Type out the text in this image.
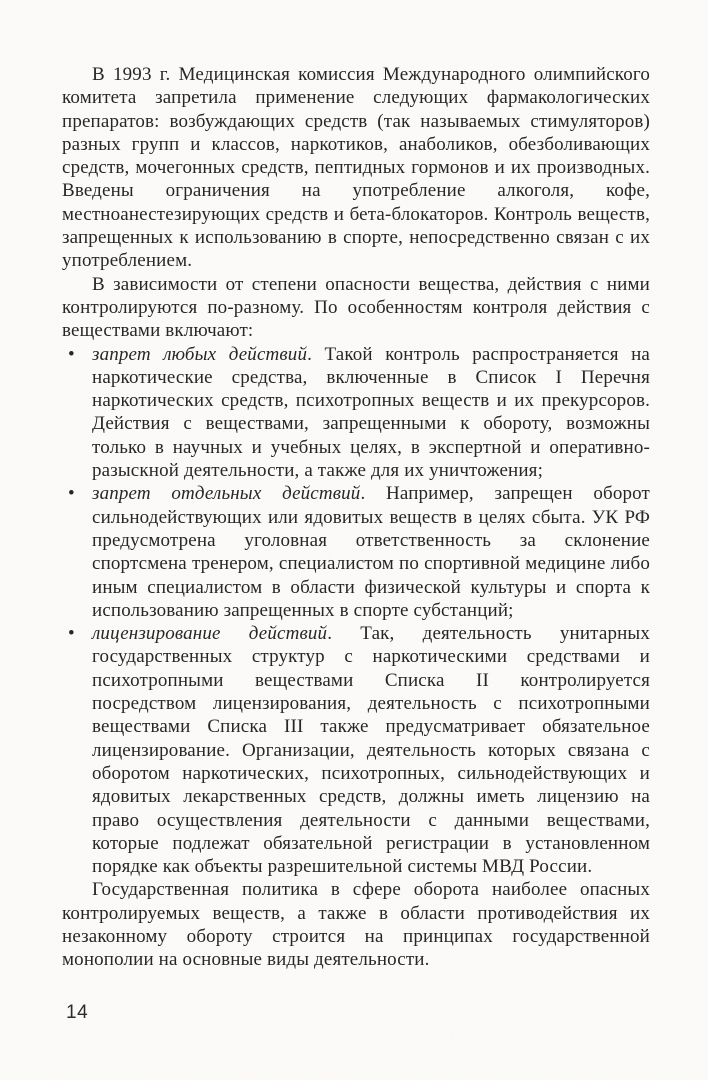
В 1993 г. Медицинская комиссия Международного олимпийского комитета запретила применение следующих фармакологических препаратов: возбуждающих средств (так называемых стимуляторов) разных групп и классов, наркотиков, анаболиков, обезболивающих средств, мочегонных средств, пептидных гормонов и их производных. Введены ограничения на употребление алкоголя, кофе, местноанестезирующих средств и бета-блокаторов. Контроль веществ, запрещенных к использованию в спорте, непосредственно связан с их употреблением.

В зависимости от степени опасности вещества, действия с ними контролируются по-разному. По особенностям контроля действия с веществами включают:

• запрет любых действий. Такой контроль распространяется на наркотические средства, включенные в Список I Перечня наркотических средств, психотропных веществ и их прекурсоров. Действия с веществами, запрещенными к обороту, возможны только в научных и учебных целях, в экспертной и оперативно-разыскной деятельности, а также для их уничтожения;
• запрет отдельных действий. Например, запрещен оборот сильнодействующих или ядовитых веществ в целях сбыта. УК РФ предусмотрена уголовная ответственность за склонение спортсмена тренером, специалистом по спортивной медицине либо иным специалистом в области физической культуры и спорта к использованию запрещенных в спорте субстанций;
• лицензирование действий. Так, деятельность унитарных государственных структур с наркотическими средствами и психотропными веществами Списка II контролируется посредством лицензирования, деятельность с психотропными веществами Списка III также предусматривает обязательное лицензирование. Организации, деятельность которых связана с оборотом наркотических, психотропных, сильнодействующих и ядовитых лекарственных средств, должны иметь лицензию на право осуществления деятельности с данными веществами, которые подлежат обязательной регистрации в установленном порядке как объекты разрешительной системы МВД России.

Государственная политика в сфере оборота наиболее опасных контролируемых веществ, а также в области противодействия их незаконному обороту строится на принципах государственной монополии на основные виды деятельности.

14
